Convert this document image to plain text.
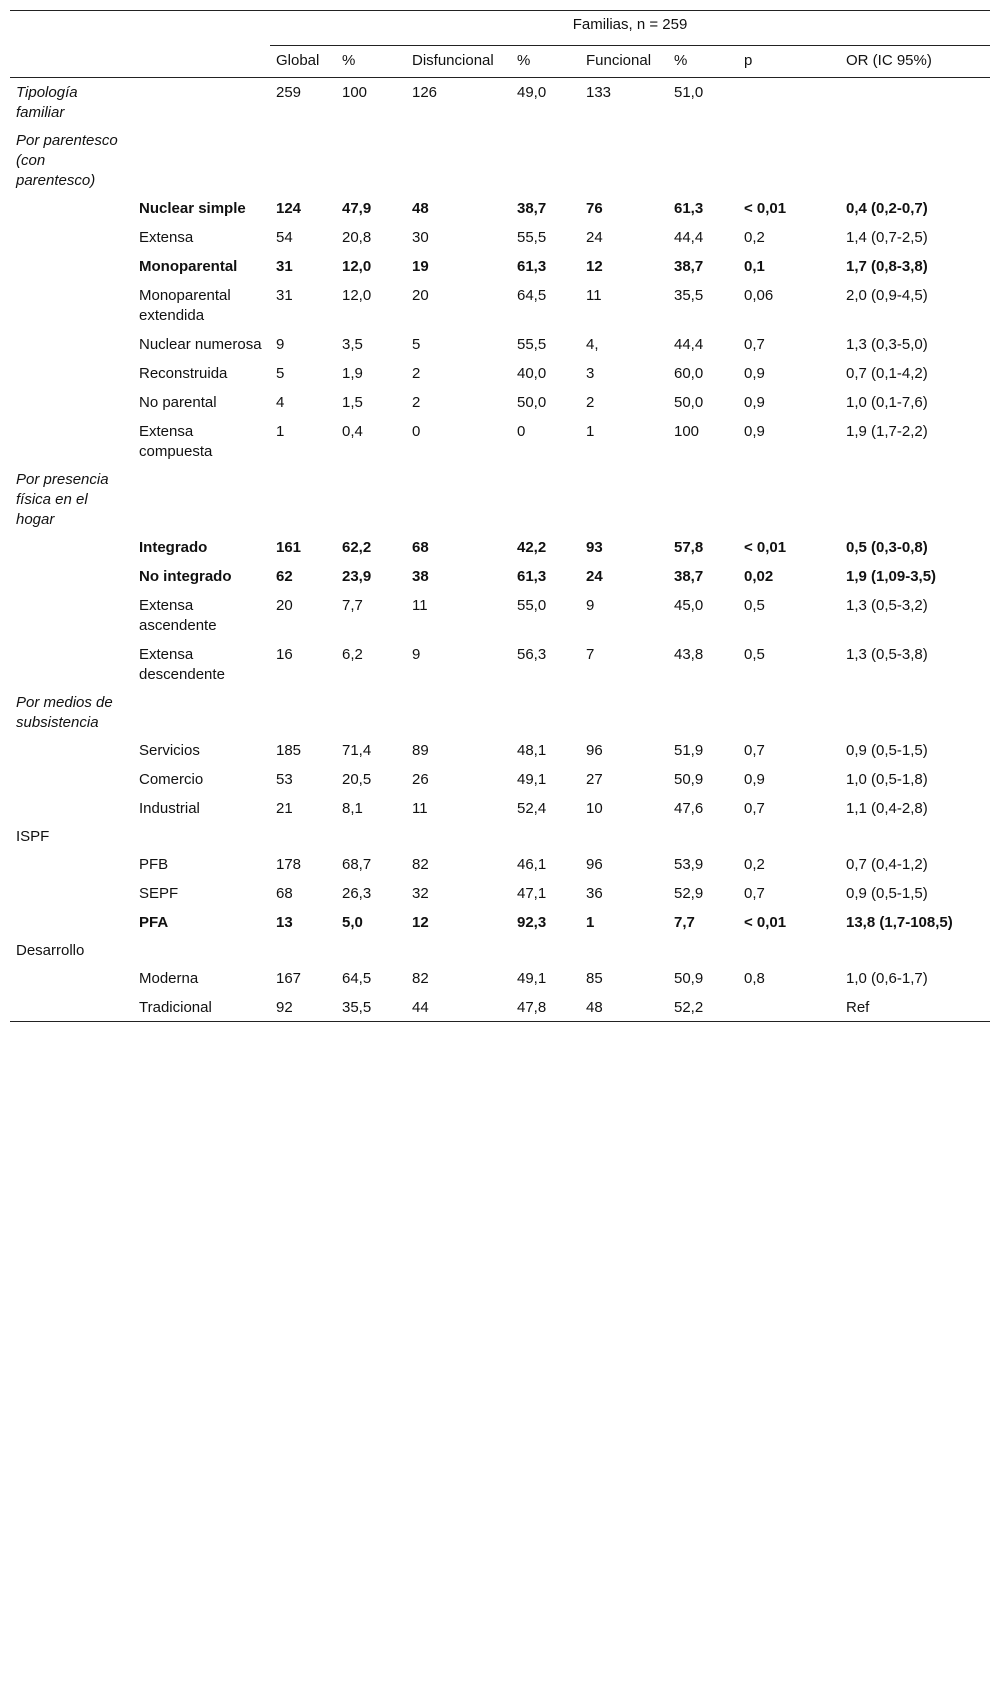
		Familias, n = 259							
		Global	%	Disfuncional	%	Funcional	%	p	OR (IC 95%)
Tipología familiar		259	100	126	49,0	133	51,0		
Por parentesco (con parentesco)									
	Nuclear simple	124	47,9	48	38,7	76	61,3	< 0,01	0,4 (0,2-0,7)
	Extensa	54	20,8	30	55,5	24	44,4	0,2	1,4 (0,7-2,5)
	Monoparental	31	12,0	19	61,3	12	38,7	0,1	1,7 (0,8-3,8)
	Monoparental extendida	31	12,0	20	64,5	11	35,5	0,06	2,0 (0,9-4,5)
	Nuclear numerosa	9	3,5	5	55,5	4,	44,4	0,7	1,3 (0,3-5,0)
	Reconstruida	5	1,9	2	40,0	3	60,0	0,9	0,7 (0,1-4,2)
	No parental	4	1,5	2	50,0	2	50,0	0,9	1,0 (0,1-7,6)
	Extensa compuesta	1	0,4	0	0	1	100	0,9	1,9 (1,7-2,2)
Por presencia física en el hogar									
	Integrado	161	62,2	68	42,2	93	57,8	< 0,01	0,5 (0,3-0,8)
	No integrado	62	23,9	38	61,3	24	38,7	0,02	1,9 (1,09-3,5)
	Extensa ascendente	20	7,7	11	55,0	9	45,0	0,5	1,3 (0,5-3,2)
	Extensa descendente	16	6,2	9	56,3	7	43,8	0,5	1,3 (0,5-3,8)
Por medios de subsistencia									
	Servicios	185	71,4	89	48,1	96	51,9	0,7	0,9 (0,5-1,5)
	Comercio	53	20,5	26	49,1	27	50,9	0,9	1,0 (0,5-1,8)
	Industrial	21	8,1	11	52,4	10	47,6	0,7	1,1 (0,4-2,8)
ISPF									
	PFB	178	68,7	82	46,1	96	53,9	0,2	0,7 (0,4-1,2)
	SEPF	68	26,3	32	47,1	36	52,9	0,7	0,9 (0,5-1,5)
	PFA	13	5,0	12	92,3	1	7,7	< 0,01	13,8 (1,7-108,5)
Desarrollo									
	Moderna	167	64,5	82	49,1	85	50,9	0,8	1,0 (0,6-1,7)
	Tradicional	92	35,5	44	47,8	48	52,2		Ref
